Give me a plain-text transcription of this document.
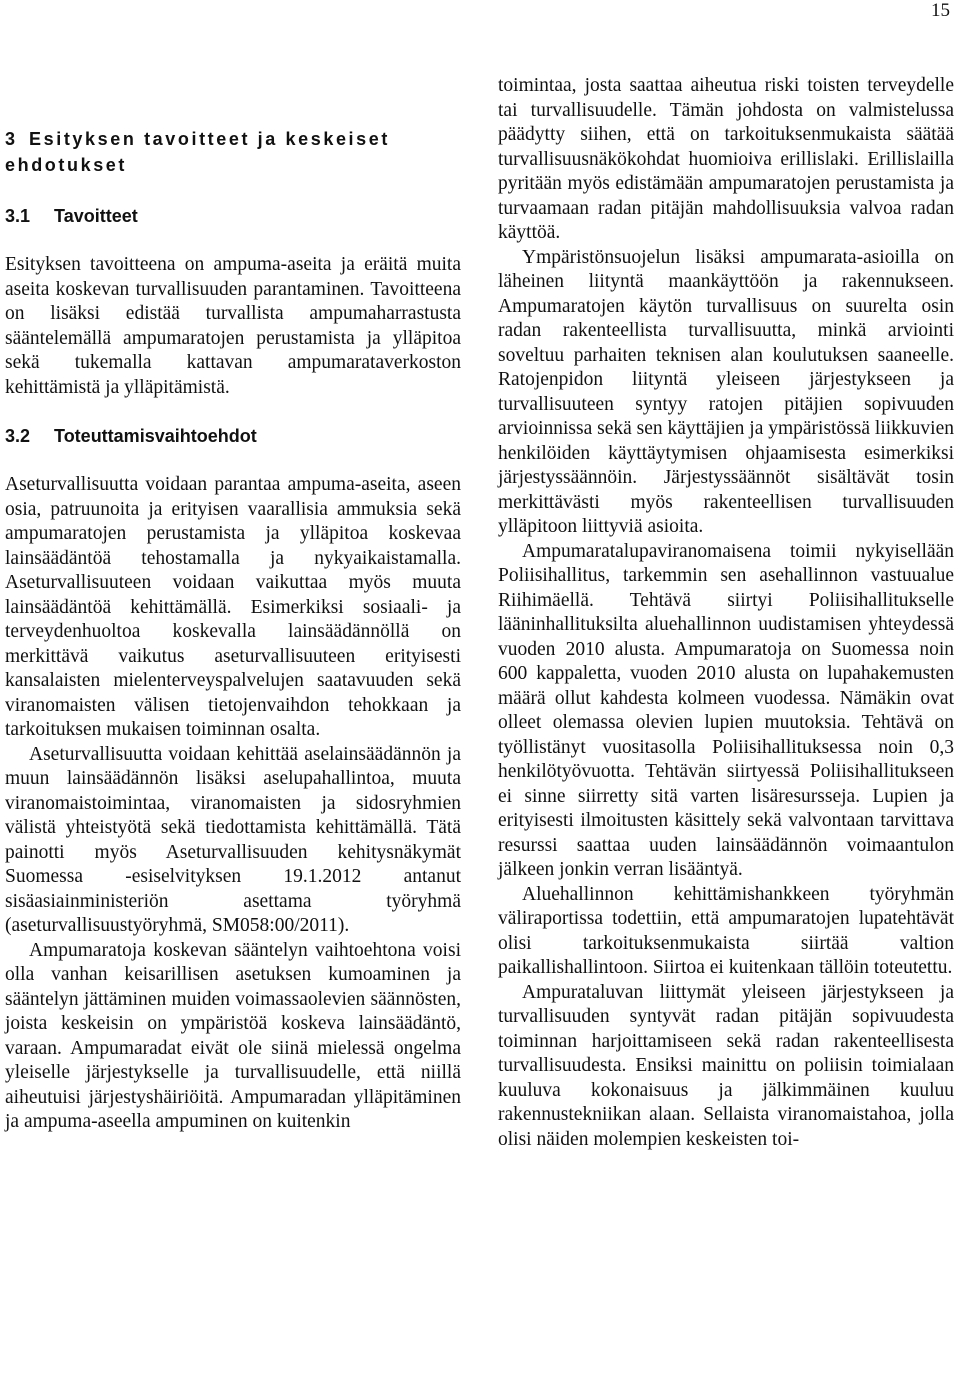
15
3 Esityksen tavoitteet ja keskeiset ehdotukset
3.1 Tavoitteet

Esityksen tavoitteena on ampuma-aseita ja eräitä muita aseita koskevan turvallisuuden parantaminen. Tavoitteena on lisäksi edistää turvallista ampumaharrastusta sääntelemällä ampumaratojen perustamista ja ylläpitoa sekä tukemalla kattavan ampumarataverkoston kehittämistä ja ylläpitämistä.

3.2 Toteuttamisvaihtoehdot

Aseturvallisuutta voidaan parantaa ampuma-aseita, aseen osia, patruunoita ja erityisen vaarallisia ammuksia sekä ampumaratojen perustamista ja ylläpitoa koskevaa lainsäädäntöä tehostamalla ja nykyaikaistamalla. Aseturvallisuuteen voidaan vaikuttaa myös muuta lainsäädäntöä kehittämällä. Esimerkiksi sosiaali- ja terveydenhuoltoa koskevalla lainsäädännöllä on merkittävä vaikutus aseturvallisuuteen erityisesti kansalaisten mielenterveyspalvelujen saatavuuden sekä viranomaisten välisen tietojenvaihdon tehokkaan ja tarkoituksen mukaisen toiminnan osalta.

Aseturvallisuutta voidaan kehittää aselainsäädännön ja muun lainsäädännön lisäksi aselupahallintoa, muuta viranomaistoimintaa, viranomaisten ja sidosryhmien välistä yhteistyötä sekä tiedottamista kehittämällä. Tätä painotti myös Aseturvallisuuden kehitysnäkymät Suomessa -esiselvityksen 19.1.2012 antanut sisäasiainministeriön asettama työryhmä (aseturvallisuustyöryhmä, SM058:00/2011).

Ampumaratoja koskevan sääntelyn vaihtoehtona voisi olla vanhan keisarillisen asetuksen kumoaminen ja sääntelyn jättäminen muiden voimassaolevien säännösten, joista keskeisin on ympäristöä koskeva lainsäädäntö, varaan. Ampumaradat eivät ole siinä mielessä ongelma yleiselle järjestykselle ja turvallisuudelle, että niillä aiheutuisi järjestyshäiriöitä. Ampumaradan ylläpitäminen ja ampuma-aseella ampuminen on kuitenkin

toimintaa, josta saattaa aiheutua riski toisten terveydelle tai turvallisuudelle. Tämän johdosta on valmistelussa päädytty siihen, että on tarkoituksenmukaista säätää turvallisuusnäkökohdat huomioiva erillislaki. Erillislailla pyritään myös edistämään ampumaratojen perustamista ja turvaamaan radan pitäjän mahdollisuuksia valvoa radan käyttöä.

Ympäristönsuojelun lisäksi ampumarata-asioilla on läheinen liityntä maankäyttöön ja rakennukseen. Ampumaratojen käytön turvallisuus on suurelta osin radan rakenteellista turvallisuutta, minkä arviointi soveltuu parhaiten teknisen alan koulutuksen saaneelle. Ratojenpidon liityntä yleiseen järjestykseen ja turvallisuuteen syntyy ratojen pitäjien sopivuuden arvioinnissa sekä sen käyttäjien ja ympäristössä liikkuvien henkilöiden käyttäytymisen ohjaamisesta esimerkiksi järjestyssäännöin. Järjestyssäännöt sisältävät tosin merkittävästi myös rakenteellisen turvallisuuden ylläpitoon liittyviä asioita.

Ampumaratalupaviranomaisena toimii nykyisellään Poliisihallitus, tarkemmin sen asehallinnon vastuualue Riihimäellä. Tehtävä siirtyi Poliisihallitukselle lääninhallituksilta aluehallinnon uudistamisen yhteydessä vuoden 2010 alusta. Ampumaratoja on Suomessa noin 600 kappaletta, vuoden 2010 alusta on lupahakemusten määrä ollut kahdesta kolmeen vuodessa. Nämäkin ovat olleet olemassa olevien lupien muutoksia. Tehtävä on työllistänyt vuositasolla Poliisihallituksessa noin 0,3 henkilötyövuotta. Tehtävän siirtyessä Poliisihallitukseen ei sinne siirretty sitä varten lisäresursseja. Lupien ja erityisesti ilmoitusten käsittely sekä valvontaan tarvittava resurssi saattaa uuden lainsäädännön voimaantulon jälkeen jonkin verran lisääntyä.

Aluehallinnon kehittämishankkeen työryhmän väliraportissa todettiin, että ampumaratojen lupatehtävät olisi tarkoituksenmukaista siirtää valtion paikallishallintoon. Siirtoa ei kuitenkaan tällöin toteutettu.

Ampurataluvan liittymät yleiseen järjestykseen ja turvallisuuden syntyvät radan pitäjän sopivuudesta toiminnan harjoittamiseen sekä radan rakenteellisesta turvallisuudesta. Ensiksi mainittu on poliisin toimialaan kuuluva kokonaisuus ja jälkimmäinen kuuluu rakennustekniikan alaan. Sellaista viranomaistahoa, jolla olisi näiden molempien keskeisten toi-
